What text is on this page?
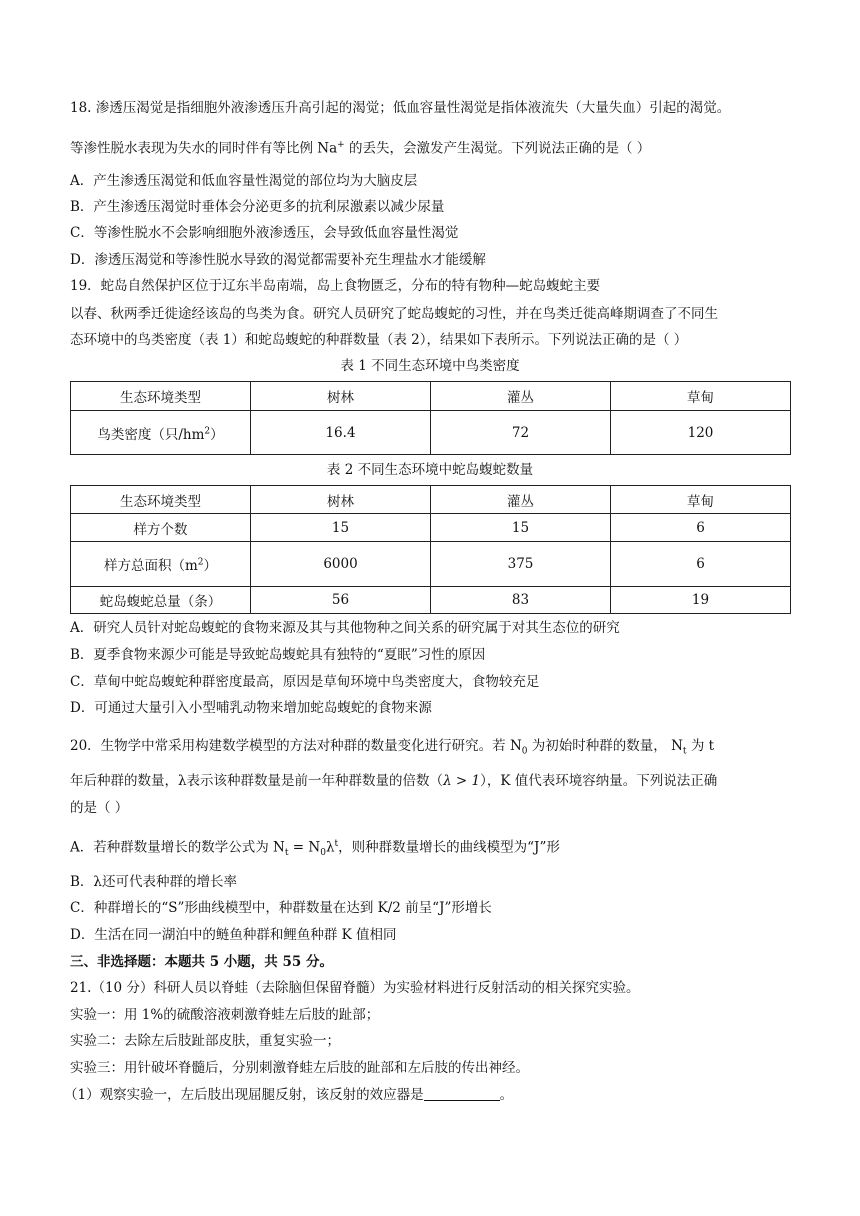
18. 渗透压渴觉是指细胞外液渗透压升高引起的渴觉；低血容量性渴觉是指体液流失（大量失血）引起的渴觉。
等渗性脱水表现为失水的同时伴有等比例 Na+ 的丢失，会激发产生渴觉。下列说法正确的是（ ）
A．产生渗透压渴觉和低血容量性渴觉的部位均为大脑皮层
B．产生渗透压渴觉时垂体会分泌更多的抗利尿激素以减少尿量
C．等渗性脱水不会影响细胞外液渗透压，会导致低血容量性渴觉
D．渗透压渴觉和等渗性脱水导致的渴觉都需要补充生理盐水才能缓解
19．蛇岛自然保护区位于辽东半岛南端，岛上食物匮乏，分布的特有物种—蛇岛蝮蛇主要
以春、秋两季迁徙途经该岛的鸟类为食。研究人员研究了蛇岛蝮蛇的习性，并在鸟类迁徙高峰期调查了不同生
态环境中的鸟类密度（表 1）和蛇岛蝮蛇的种群数量（表 2），结果如下表所示。下列说法正确的是（ ）
表 1 不同生态环境中鸟类密度
生态环境类型	树林	灌丛	草甸
鸟类密度（只$/hm^2$）	16.4	72	120
表 2 不同生态环境中蛇岛蝮蛇数量
生态环境类型	树林	灌丛	草甸
样方个数	15	15	6
样方总面积$(m^2)$	6000	375	6
蛇岛蝮蛇总量（条）	56	83	19
A．研究人员针对蛇岛蝮蛇的食物来源及其与其他物种之间关系的研究属于对其生态位的研究
B．夏季食物来源少可能是导致蛇岛蝮蛇具有独特的“夏眠”习性的原因
C．草甸中蛇岛蝮蛇种群密度最高，原因是草甸环境中鸟类密度大，食物较充足
D．可通过大量引入小型哺乳动物来增加蛇岛蝮蛇的食物来源
20．生物学中常采用构建数学模型的方法对种群的数量变化进行研究。若 $N_0$ 为初始时种群的数量， $N_t$ 为 t
年后种群的数量，λ表示该种群数量是前一年种群数量的倍数（λ > 1），K 值代表环境容纳量。下列说法正确
的是（ ）
A．若种群数量增长的数学公式为 $N_t = N_0\lambda^t$，则种群数量增长的曲线模型为“J”形
B．λ还可代表种群的增长率
C．种群增长的“S”形曲线模型中，种群数量在达到 K/2 前呈“J”形增长
D．生活在同一湖泊中的鲢鱼种群和鲤鱼种群 K 值相同
三、非选择题：本题共 5 小题，共 55 分。
21.（10 分）科研人员以脊蛙（去除脑但保留脊髓）为实验材料进行反射活动的相关探究实验。
实验一：用 1%的硫酸溶液刺激脊蛙左后肢的趾部；
实验二：去除左后肢趾部皮肤，重复实验一；
实验三：用针破坏脊髓后，分别刺激脊蛙左后肢的趾部和左后肢的传出神经。
（1）观察实验一，左后肢出现屈腿反射，该反射的效应器是	。
